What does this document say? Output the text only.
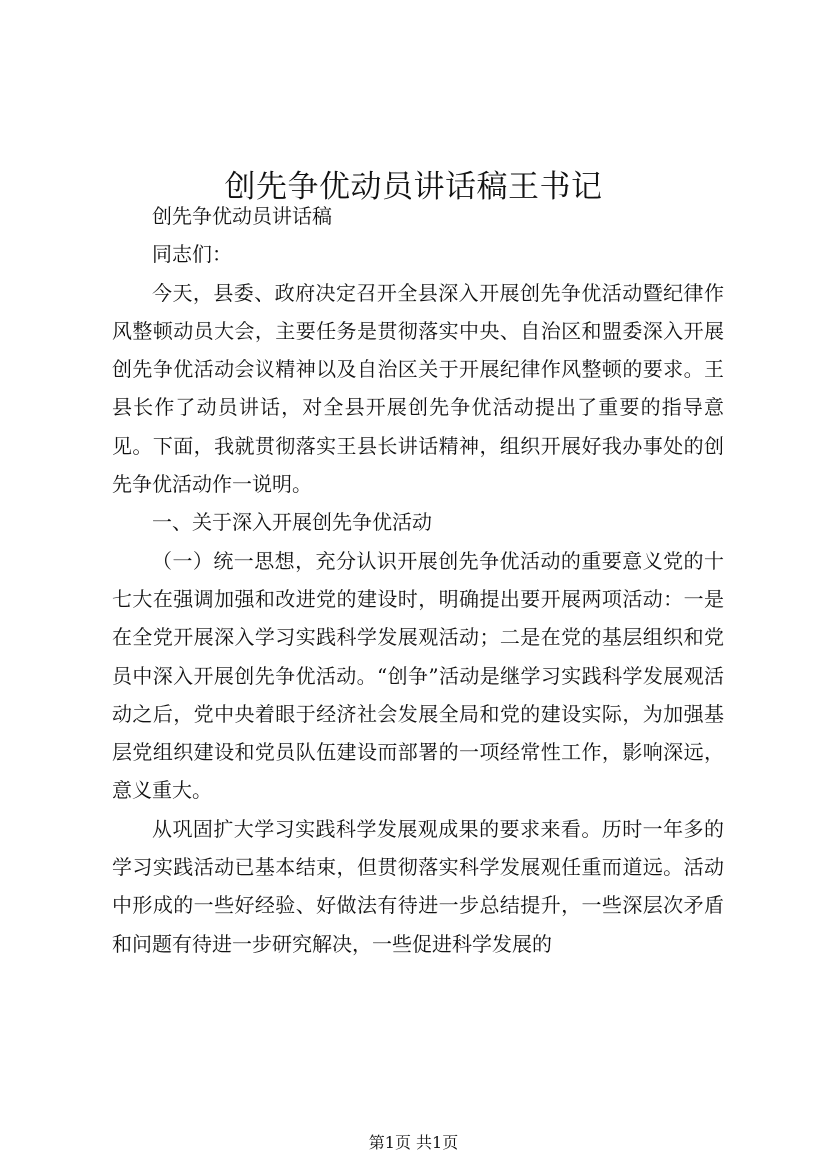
创先争优动员讲话稿王书记

创先争优动员讲话稿

同志们：

今天，县委、政府决定召开全县深入开展创先争优活动暨纪律作风整顿动员大会，主要任务是贯彻落实中央、自治区和盟委深入开展创先争优活动会议精神以及自治区关于开展纪律作风整顿的要求。王县长作了动员讲话，对全县开展创先争优活动提出了重要的指导意见。下面，我就贯彻落实王县长讲话精神，组织开展好我办事处的创先争优活动作一说明。

一、关于深入开展创先争优活动

（一）统一思想，充分认识开展创先争优活动的重要意义党的十七大在强调加强和改进党的建设时，明确提出要开展两项活动：一是在全党开展深入学习实践科学发展观活动；二是在党的基层组织和党员中深入开展创先争优活动。“创争”活动是继学习实践科学发展观活动之后，党中央着眼于经济社会发展全局和党的建设实际，为加强基层党组织建设和党员队伍建设而部署的一项经常性工作，影响深远，意义重大。

从巩固扩大学习实践科学发展观成果的要求来看。历时一年多的学习实践活动已基本结束，但贯彻落实科学发展观任重而道远。活动中形成的一些好经验、好做法有待进一步总结提升，一些深层次矛盾和问题有待进一步研究解决，一些促进科学发展的

第1页 共1页
